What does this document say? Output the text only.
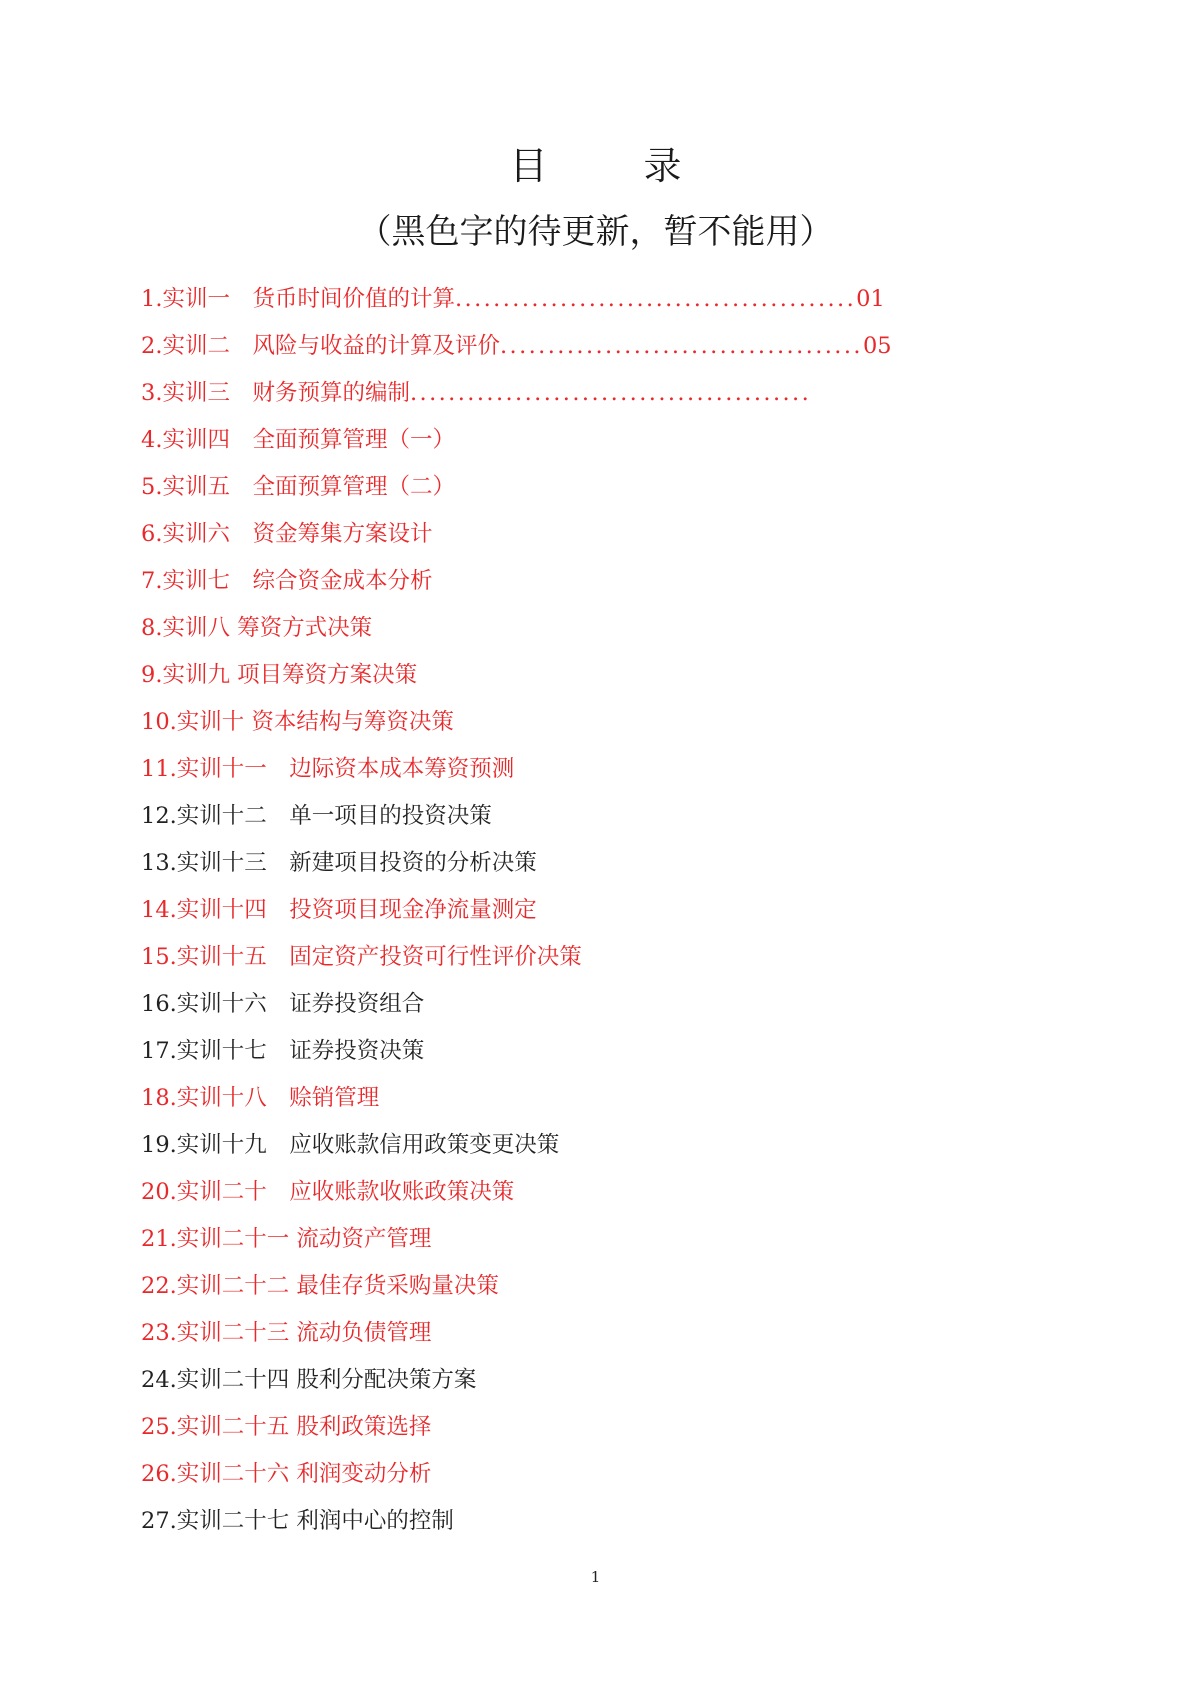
目 录
（黑色字的待更新，暂不能用）
1.实训一　货币时间价值的计算..........................................01
2.实训二　风险与收益的计算及评价......................................05
3.实训三　财务预算的编制..........................................
4.实训四　全面预算管理（一）
5.实训五　全面预算管理（二）
6.实训六　资金筹集方案设计
7.实训七　综合资金成本分析
8.实训八 筹资方式决策
9.实训九 项目筹资方案决策
10.实训十 资本结构与筹资决策
11.实训十一　边际资本成本筹资预测
12.实训十二　单一项目的投资决策
13.实训十三　新建项目投资的分析决策
14.实训十四　投资项目现金净流量测定
15.实训十五　固定资产投资可行性评价决策
16.实训十六　证券投资组合
17.实训十七　证券投资决策
18.实训十八　赊销管理
19.实训十九　应收账款信用政策变更决策
20.实训二十　应收账款收账政策决策
21.实训二十一 流动资产管理
22.实训二十二 最佳存货采购量决策
23.实训二十三 流动负债管理
24.实训二十四 股利分配决策方案
25.实训二十五 股利政策选择
26.实训二十六 利润变动分析
27.实训二十七 利润中心的控制
1
